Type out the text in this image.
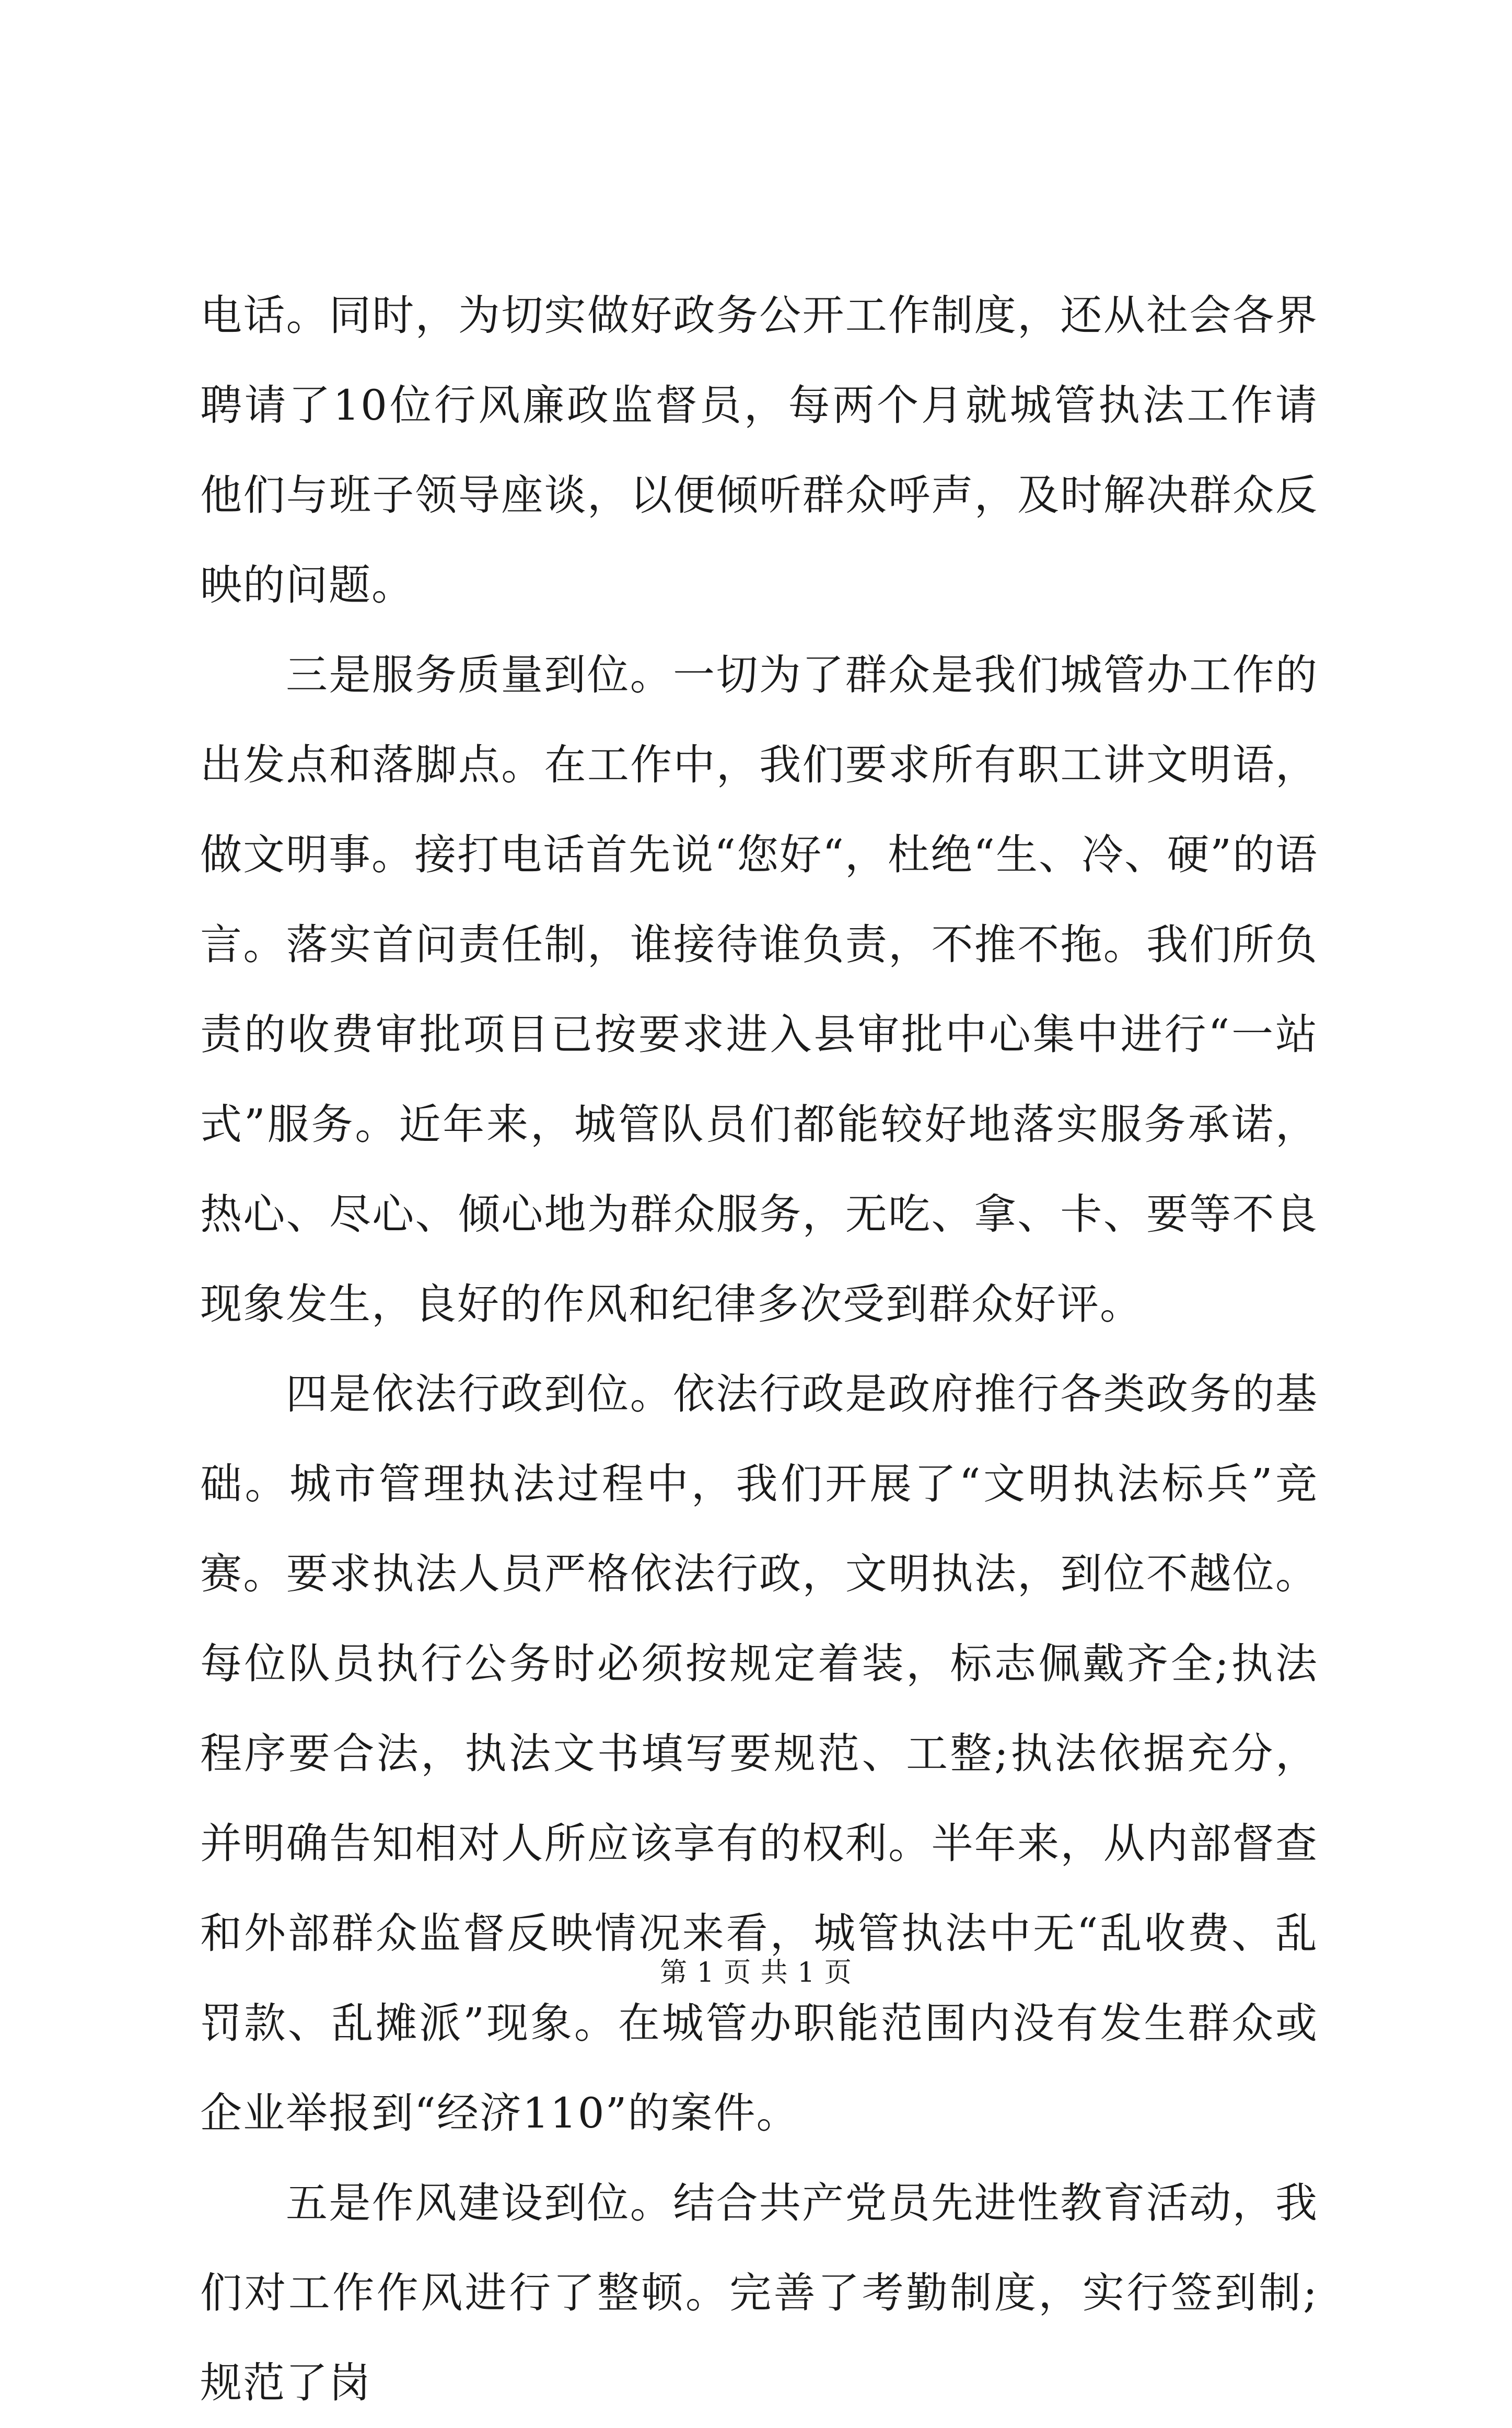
电话。同时，为切实做好政务公开工作制度，还从社会各界聘请了10位行风廉政监督员，每两个月就城管执法工作请他们与班子领导座谈，以便倾听群众呼声，及时解决群众反映的问题。

三是服务质量到位。一切为了群众是我们城管办工作的出发点和落脚点。在工作中，我们要求所有职工讲文明语，做文明事。接打电话首先说“您好“，杜绝“生、冷、硬”的语言。落实首问责任制，谁接待谁负责，不推不拖。我们所负责的收费审批项目已按要求进入县审批中心集中进行“一站式”服务。近年来，城管队员们都能较好地落实服务承诺，热心、尽心、倾心地为群众服务，无吃、拿、卡、要等不良现象发生，良好的作风和纪律多次受到群众好评。

四是依法行政到位。依法行政是政府推行各类政务的基础。城市管理执法过程中，我们开展了“文明执法标兵”竞赛。要求执法人员严格依法行政，文明执法，到位不越位。每位队员执行公务时必须按规定着装，标志佩戴齐全;执法程序要合法，执法文书填写要规范、工整;执法依据充分，并明确告知相对人所应该享有的权利。半年来，从内部督查和外部群众监督反映情况来看，城管执法中无“乱收费、乱罚款、乱摊派”现象。在城管办职能范围内没有发生群众或企业举报到“经济110”的案件。

五是作风建设到位。结合共产党员先进性教育活动，我们对工作作风进行了整顿。完善了考勤制度，实行签到制;规范了岗

第 1 页 共 1 页
